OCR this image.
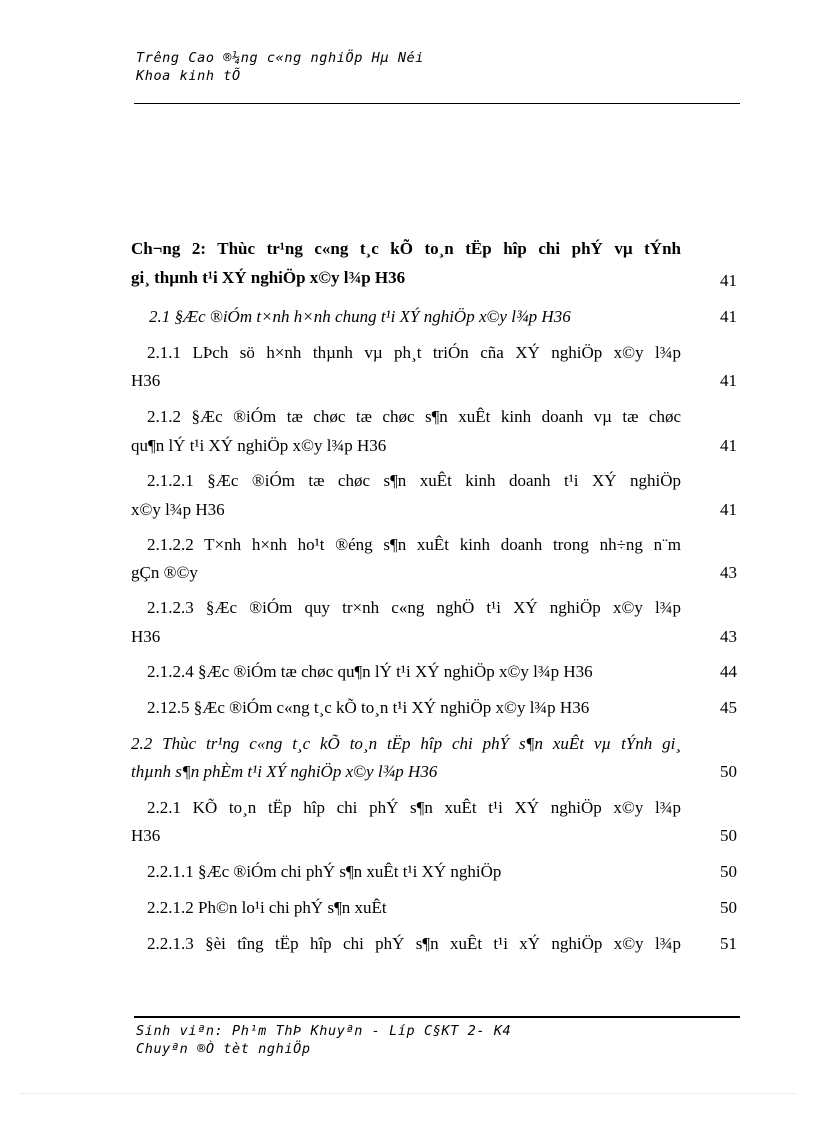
Trêng Cao ®¼ng c«ng nghiÖp Hµ Néi
Khoa kinh tÕ
Ch¬ng 2: Thùc tr¹ng c«ng t¸c kÕ to¸n tËp hîp chi phÝ vµ tÝnh
gi¸ thµnh t¹i XÝ nghiÖp x©y l¾p H36	41
2.1 §Æc ®iÓm t×nh h×nh chung t¹i XÝ nghiÖp x©y l¾p H36	41
2.1.1 LÞch sö h×nh thµnh vµ ph¸t triÓn cña XÝ nghiÖp x©y l¾p
H36	41
2.1.2 §Æc ®iÓm tæ chøc tæ chøc s¶n xuÊt kinh doanh vµ tæ chøc
qu¶n lÝ t¹i XÝ nghiÖp x©y l¾p H36	41
2.1.2.1 §Æc ®iÓm tæ chøc s¶n xuÊt kinh doanh t¹i XÝ nghiÖp
x©y l¾p H36	41
2.1.2.2 T×nh h×nh ho¹t ®éng s¶n xuÊt kinh doanh trong nh÷ng n¨m
gÇn ®©y	43
2.1.2.3 §Æc ®iÓm quy tr×nh c«ng nghÖ t¹i XÝ nghiÖp x©y l¾p
H36	43
2.1.2.4 §Æc ®iÓm tæ chøc qu¶n lÝ t¹i XÝ nghiÖp x©y l¾p H36	44
2.12.5 §Æc ®iÓm c«ng t¸c kÕ to¸n t¹i XÝ nghiÖp x©y l¾p H36	45
2.2 Thùc tr¹ng c«ng t¸c kÕ to¸n tËp hîp chi phÝ s¶n xuÊt vµ tÝnh gi¸
thµnh s¶n phÈm t¹i XÝ nghiÖp x©y l¾p H36	50
2.2.1 KÕ to¸n tËp hîp chi phÝ s¶n xuÊt t¹i XÝ nghiÖp x©y l¾p
H36	50
2.2.1.1 §Æc ®iÓm chi phÝ s¶n xuÊt t¹i XÝ nghiÖp	50
2.2.1.2 Ph©n lo¹i chi phÝ s¶n xuÊt	50
2.2.1.3 §èi tîng tËp hîp chi phÝ s¶n xuÊt t¹i xÝ nghiÖp x©y l¾p	51
Sinh viªn: Ph¹m ThÞ Khuyªn - Líp C§KT 2- K4
Chuyªn ®Ò tèt nghiÖp
